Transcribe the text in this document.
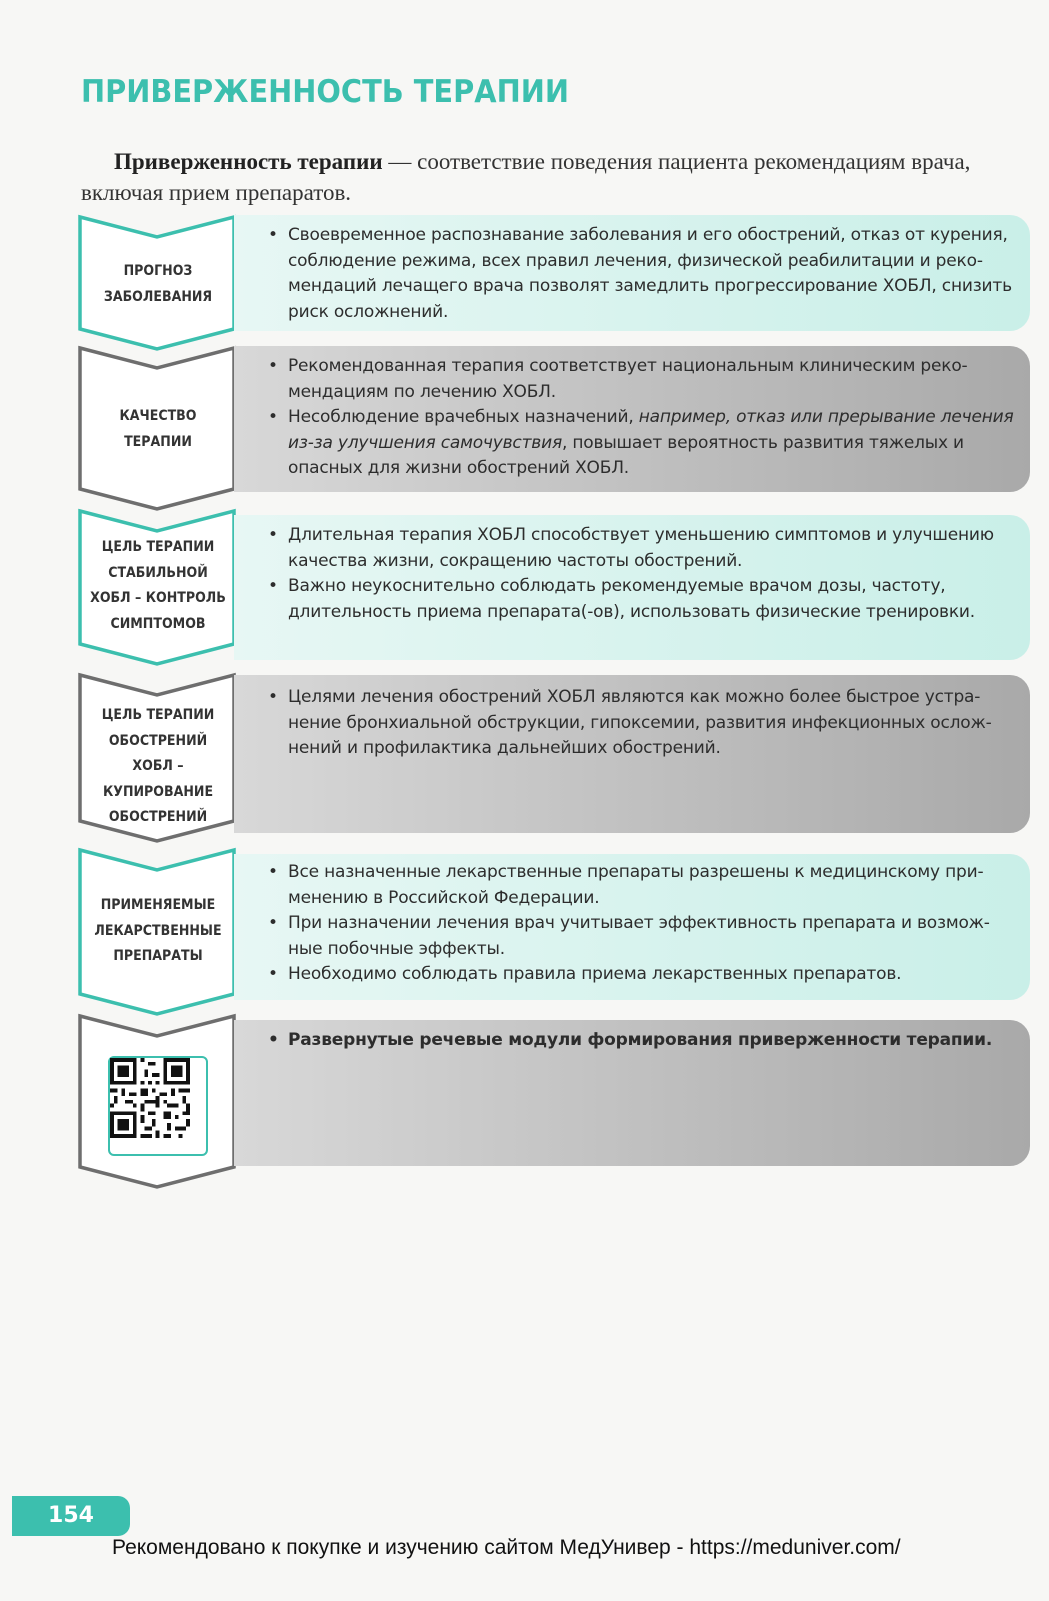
ПРИВЕРЖЕННОСТЬ ТЕРАПИИ
Приверженность терапии — соответствие поведения пациента рекомендациям врача, включая прием препаратов.
ПРОГНОЗ ЗАБОЛЕВАНИЯ
• Своевременное распознавание заболевания и его обострений, отказ от курения, соблюдение режима, всех правил лечения, физической реабилитации и рекомендаций лечащего врача позволят замедлить прогрессирование ХОБЛ, снизить риск осложнений.
КАЧЕСТВО ТЕРАПИИ
• Рекомендованная терапия соответствует национальным клиническим рекомендациям по лечению ХОБЛ.
• Несоблюдение врачебных назначений, например, отказ или прерывание лечения из-за улучшения самочувствия, повышает вероятность развития тяжелых и опасных для жизни обострений ХОБЛ.
ЦЕЛЬ ТЕРАПИИ СТАБИЛЬНОЙ ХОБЛ – КОНТРОЛЬ СИМПТОМОВ
• Длительная терапия ХОБЛ способствует уменьшению симптомов и улучшению качества жизни, сокращению частоты обострений.
• Важно неукоснительно соблюдать рекомендуемые врачом дозы, частоту, длительность приема препарата(-ов), использовать физические тренировки.
ЦЕЛЬ ТЕРАПИИ ОБОСТРЕНИЙ ХОБЛ – КУПИРОВАНИЕ ОБОСТРЕНИЙ
• Целями лечения обострений ХОБЛ являются как можно более быстрое устранение бронхиальной обструкции, гипоксемии, развития инфекционных осложнений и профилактика дальнейших обострений.
ПРИМЕНЯЕМЫЕ ЛЕКАРСТВЕННЫЕ ПРЕПАРАТЫ
• Все назначенные лекарственные препараты разрешены к медицинскому применению в Российской Федерации.
• При назначении лечения врач учитывает эффективность препарата и возможные побочные эффекты.
• Необходимо соблюдать правила приема лекарственных препаратов.
• Развернутые речевые модули формирования приверженности терапии.
154
Рекомендовано к покупке и изучению сайтом МедУнивер - https://meduniver.com/
